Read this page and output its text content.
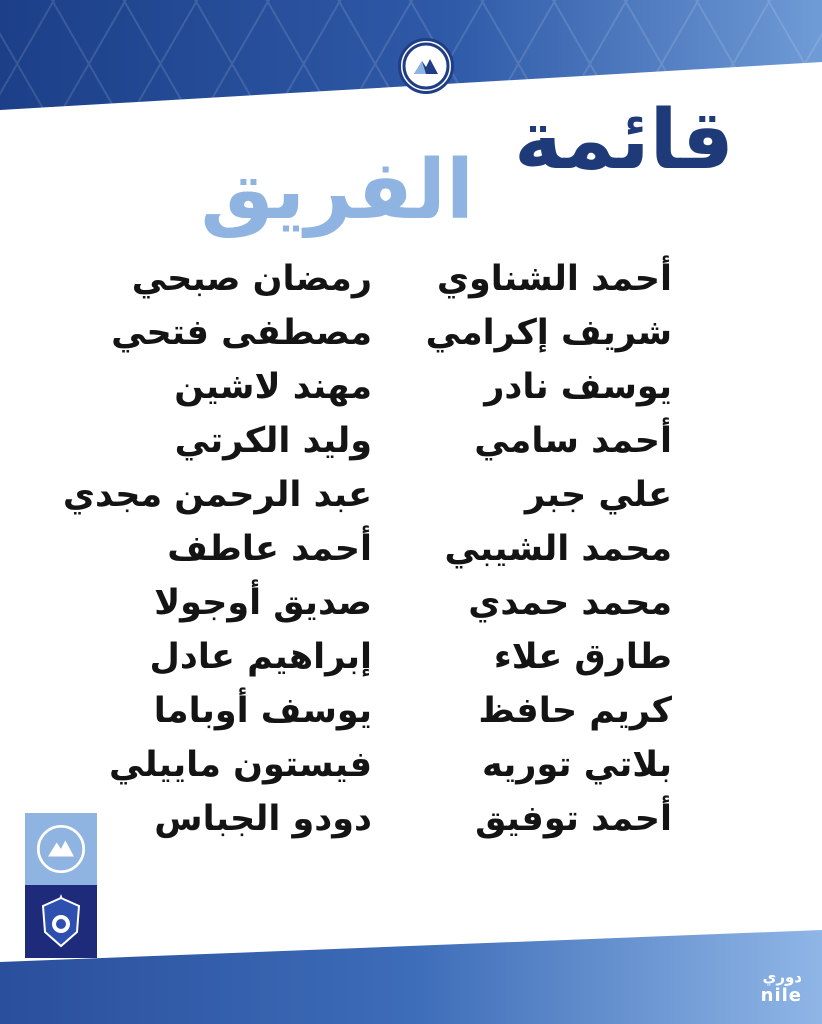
قائمة
الفريق
أحمد الشناوي
شريف إكرامي
يوسف نادر
أحمد سامي
علي جبر
محمد الشيبي
محمد حمدي
طارق علاء
كريم حافظ
بلاتي توريه
أحمد توفيق
رمضان صبحي
مصطفى فتحي
مهند لاشين
وليد الكرتي
عبد الرحمن مجدي
أحمد عاطف
صديق أوجولا
إبراهيم عادل
يوسف أوباما
فيستون ماييلي
دودو الجباس
دوري
nile
